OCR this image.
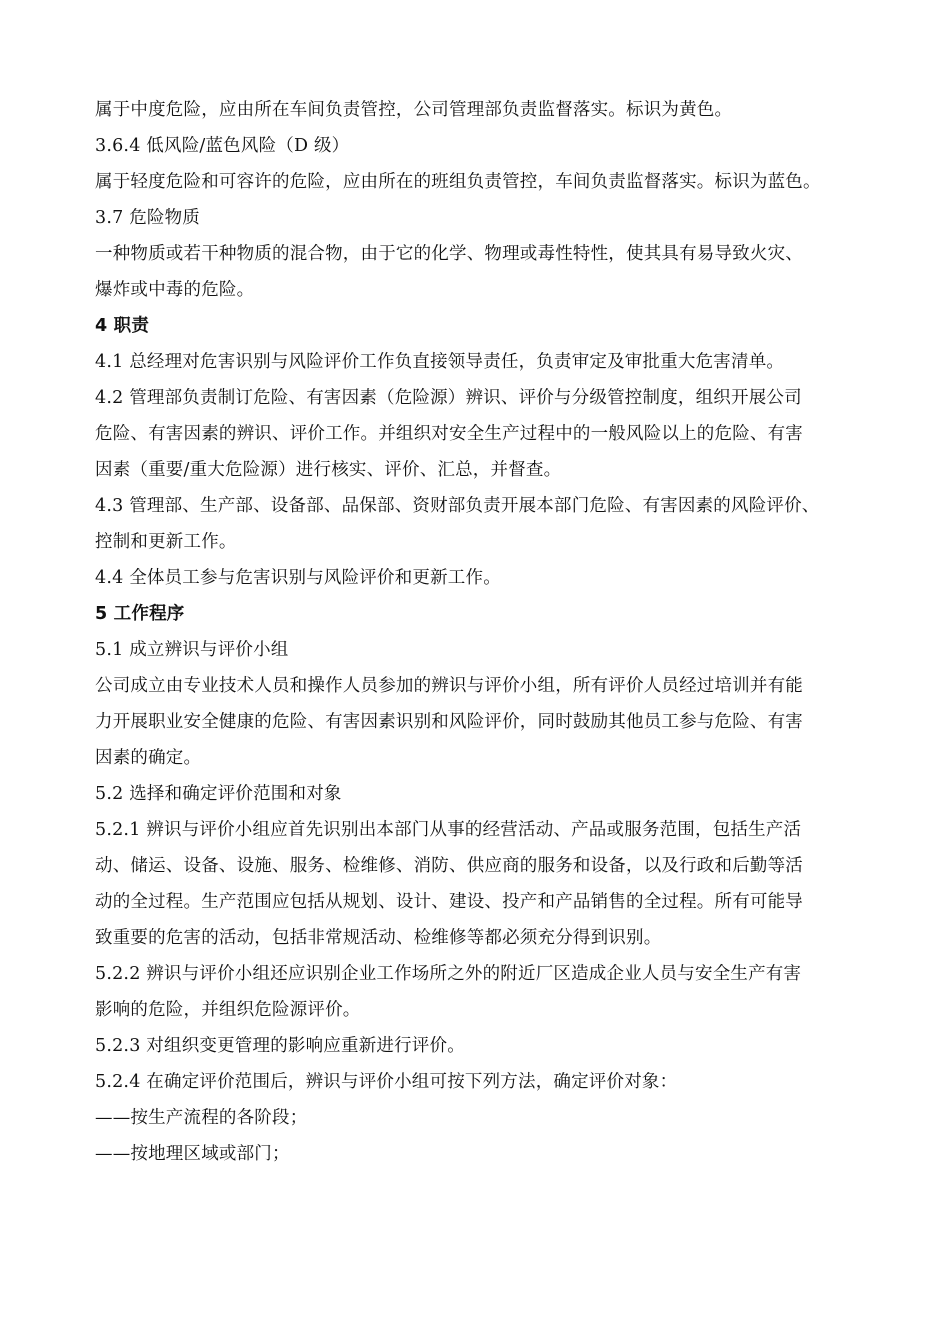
属于中度危险，应由所在车间负责管控，公司管理部负责监督落实。标识为黄色。
3.6.4 低风险/蓝色风险（D 级）
属于轻度危险和可容许的危险，应由所在的班组负责管控，车间负责监督落实。标识为蓝色。
3.7 危险物质
一种物质或若干种物质的混合物，由于它的化学、物理或毒性特性，使其具有易导致火灾、
爆炸或中毒的危险。
4 职责
4.1 总经理对危害识别与风险评价工作负直接领导责任，负责审定及审批重大危害清单。
4.2 管理部负责制订危险、有害因素（危险源）辨识、评价与分级管控制度，组织开展公司
危险、有害因素的辨识、评价工作。并组织对安全生产过程中的一般风险以上的危险、有害
因素（重要/重大危险源）进行核实、评价、汇总，并督查。
4.3 管理部、生产部、设备部、品保部、资财部负责开展本部门危险、有害因素的风险评价、
控制和更新工作。
4.4 全体员工参与危害识别与风险评价和更新工作。
5 工作程序
5.1 成立辨识与评价小组
公司成立由专业技术人员和操作人员参加的辨识与评价小组，所有评价人员经过培训并有能
力开展职业安全健康的危险、有害因素识别和风险评价，同时鼓励其他员工参与危险、有害
因素的确定。
5.2 选择和确定评价范围和对象
5.2.1 辨识与评价小组应首先识别出本部门从事的经营活动、产品或服务范围，包括生产活
动、储运、设备、设施、服务、检维修、消防、供应商的服务和设备，以及行政和后勤等活
动的全过程。生产范围应包括从规划、设计、建设、投产和产品销售的全过程。所有可能导
致重要的危害的活动，包括非常规活动、检维修等都必须充分得到识别。
5.2.2 辨识与评价小组还应识别企业工作场所之外的附近厂区造成企业人员与安全生产有害
影响的危险，并组织危险源评价。
5.2.3 对组织变更管理的影响应重新进行评价。
5.2.4 在确定评价范围后，辨识与评价小组可按下列方法，确定评价对象：
——按生产流程的各阶段；
——按地理区域或部门；
